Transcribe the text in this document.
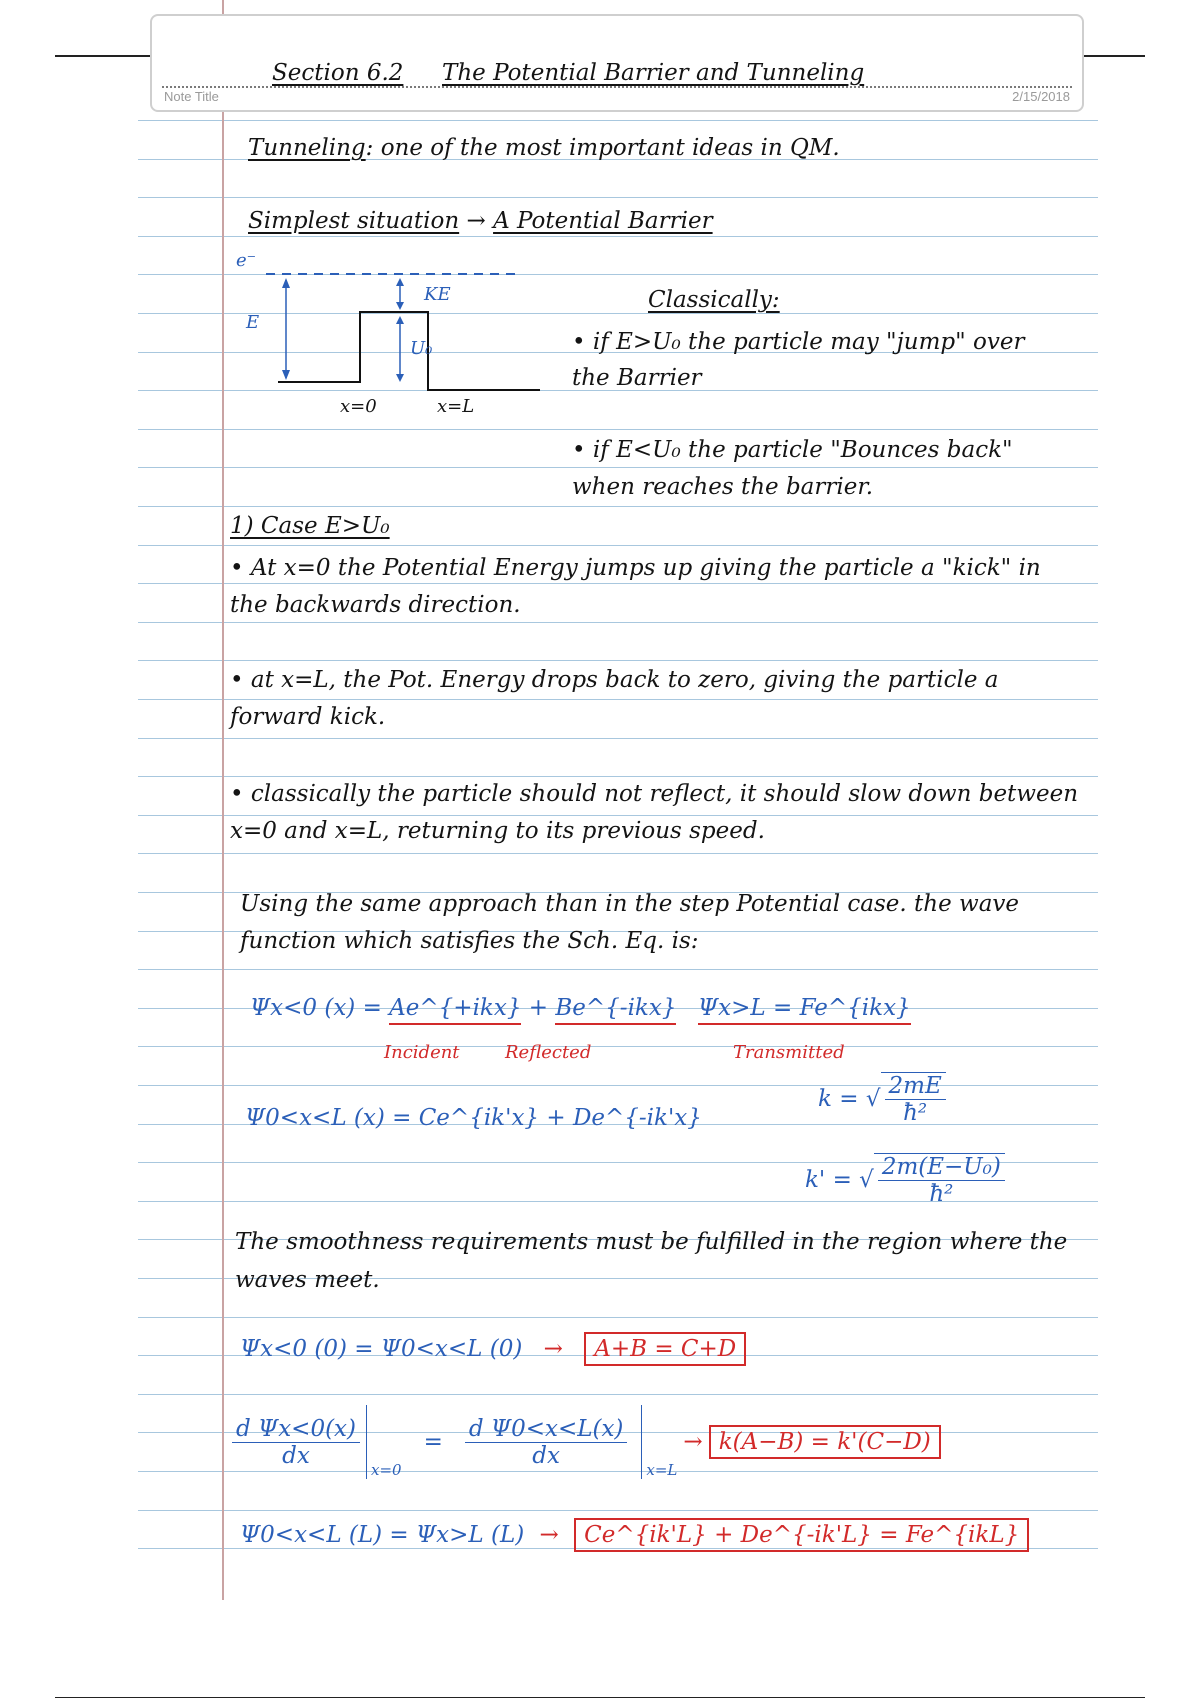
Note Title	2/15/2018
Section 6.2 The Potential Barrier and Tunneling
Tunneling: one of the most important ideas in QM.
Simplest situation → A Potential Barrier
e⁻
E
KE
U₀
x=0	x=L
Classically:
• if E>U₀ the particle may "jump" over the Barrier
• if E<U₀ the particle "Bounces back" when reaches the barrier.
1) Case E>U₀
• At x=0 the Potential Energy jumps up giving the particle a "kick" in the backwards direction.
• at x=L, the Pot. Energy drops back to zero, giving the particle a forward kick.
• classically the particle should not reflect, it should slow down between x=0 and x=L, returning to its previous speed.
Using the same approach than in the step Potential case. the wave function which satisfies the Sch. Eq. is:
Ψx<0 (x) = Ae^{+ikx} + Be^{-ikx}
Incident	Reflected
Ψx>L = Fe^{ikx}
Transmitted
k = √ $\frac{2mE}{\text{ħ²}}$
Ψ0<x<L (x) = Ce^{ik'x} + De^{-ik'x}
k' = √ $\frac{\text{2m(E−U₀)}}{\text{ħ²}}$
The smoothness requirements must be fulfilled in the region where the waves meet.
Ψx<0 (0) = Ψ0<x<L (0) → A+B = C+D
$\frac{\text{d Ψx<0(x)}}{dx}$
x=0
= $\frac{\text{d Ψ0<x<L(x)}}{dx}$
x=L
→ k(A−B) = k'(C−D)
Ψ0<x<L (L) = Ψx>L (L) → Ce^{ik'L} + De^{-ik'L} = Fe^{ikL}
